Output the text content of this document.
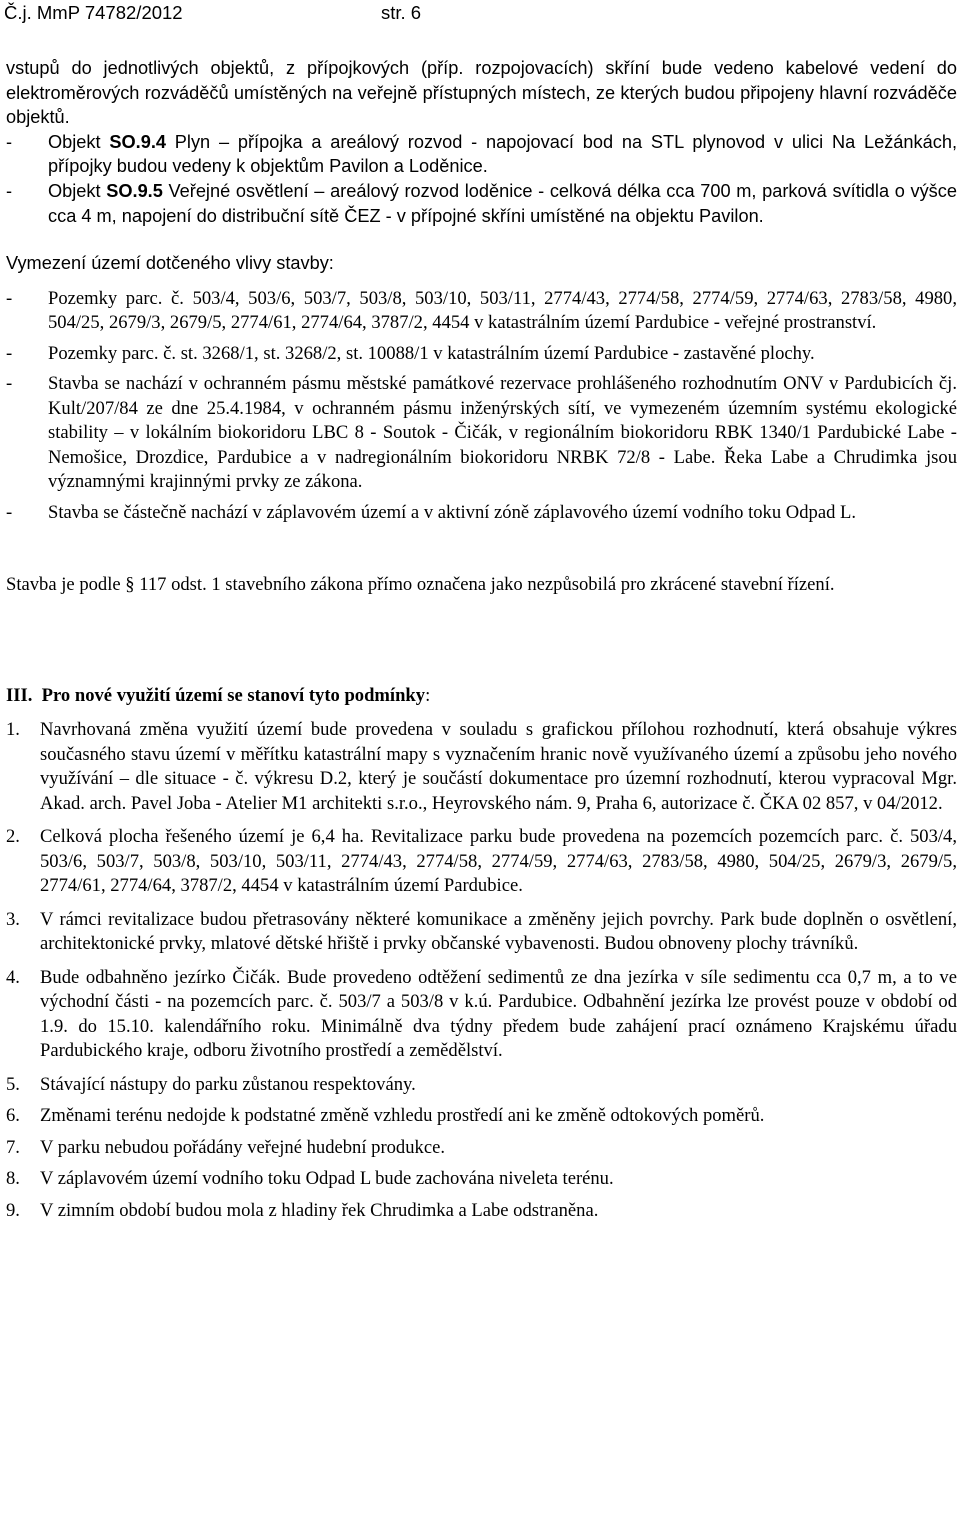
Č.j. MmP 74782/2012	str. 6

vstupů do jednotlivých objektů, z přípojkových (příp. rozpojovacích) skříní bude vedeno kabelové vedení do elektroměrových rozváděčů umístěných na veřejně přístupných místech, ze kterých budou připojeny hlavní rozváděče objektů.

-	Objekt SO.9.4 Plyn – přípojka a areálový rozvod - napojovací bod na STL plynovod v ulici Na Ležánkách, přípojky budou vedeny k objektům Pavilon a Loděnice.
-	Objekt SO.9.5 Veřejné osvětlení – areálový rozvod loděnice - celková délka cca 700 m, parková svítidla o výšce cca 4 m, napojení do distribuční sítě ČEZ - v přípojné skříni umístěné na objektu Pavilon.

Vymezení území dotčeného vlivy stavby:

-	Pozemky parc. č. 503/4, 503/6, 503/7, 503/8, 503/10, 503/11, 2774/43, 2774/58, 2774/59, 2774/63, 2783/58, 4980, 504/25, 2679/3, 2679/5, 2774/61, 2774/64, 3787/2, 4454 v katastrálním území Pardubice - veřejné prostranství.
-	Pozemky parc. č. st. 3268/1, st. 3268/2, st. 10088/1 v katastrálním území Pardubice - zastavěné plochy.
-	Stavba se nachází v ochranném pásmu městské památkové rezervace prohlášeného rozhodnutím ONV v Pardubicích čj. Kult/207/84 ze dne 25.4.1984, v ochranném pásmu inženýrských sítí, ve vymezeném územním systému ekologické stability – v lokálním biokoridoru LBC 8 - Soutok - Čičák, v regionálním biokoridoru RBK 1340/1 Pardubické Labe - Nemošice, Drozdice, Pardubice a v nadregionálním biokoridoru NRBK 72/8 - Labe. Řeka Labe a Chrudimka jsou významnými krajinnými prvky ze zákona.
-	Stavba se částečně nachází v záplavovém území a v aktivní zóně záplavového území vodního toku Odpad L.

Stavba je podle § 117 odst. 1 stavebního zákona přímo označena jako nezpůsobilá pro zkrácené stavební řízení.

III. Pro nové využití území se stanoví tyto podmínky:

1.	Navrhovaná změna využití území bude provedena v souladu s grafickou přílohou rozhodnutí, která obsahuje výkres současného stavu území v měřítku katastrální mapy s vyznačením hranic nově využívaného území a způsobu jeho nového využívání – dle situace - č. výkresu D.2, který je součástí dokumentace pro územní rozhodnutí, kterou vypracoval Mgr. Akad. arch. Pavel Joba - Atelier M1 architekti s.r.o., Heyrovského nám. 9, Praha 6, autorizace č. ČKA 02 857, v 04/2012.
2.	Celková plocha řešeného území je 6,4 ha. Revitalizace parku bude provedena na pozemcích pozemcích parc. č. 503/4, 503/6, 503/7, 503/8, 503/10, 503/11, 2774/43, 2774/58, 2774/59, 2774/63, 2783/58, 4980, 504/25, 2679/3, 2679/5, 2774/61, 2774/64, 3787/2, 4454 v katastrálním území Pardubice.
3.	V rámci revitalizace budou přetrasovány některé komunikace a změněny jejich povrchy. Park bude doplněn o osvětlení, architektonické prvky, mlatové dětské hřiště i prvky občanské vybavenosti. Budou obnoveny plochy trávníků.
4.	Bude odbahněno jezírko Čičák. Bude provedeno odtěžení sedimentů ze dna jezírka v síle sedimentu cca 0,7 m, a to ve východní části - na pozemcích parc. č. 503/7 a 503/8 v k.ú. Pardubice. Odbahnění jezírka lze provést pouze v období od 1.9. do 15.10. kalendářního roku. Minimálně dva týdny předem bude zahájení prací oznámeno Krajskému úřadu Pardubického kraje, odboru životního prostředí a zemědělství.
5.	Stávající nástupy do parku zůstanou respektovány.
6.	Změnami terénu nedojde k podstatné změně vzhledu prostředí ani ke změně odtokových poměrů.
7.	V parku nebudou pořádány veřejné hudební produkce.
8.	V záplavovém území vodního toku Odpad L bude zachována niveleta terénu.
9.	V zimním období budou mola z hladiny řek Chrudimka a Labe odstraněna.
